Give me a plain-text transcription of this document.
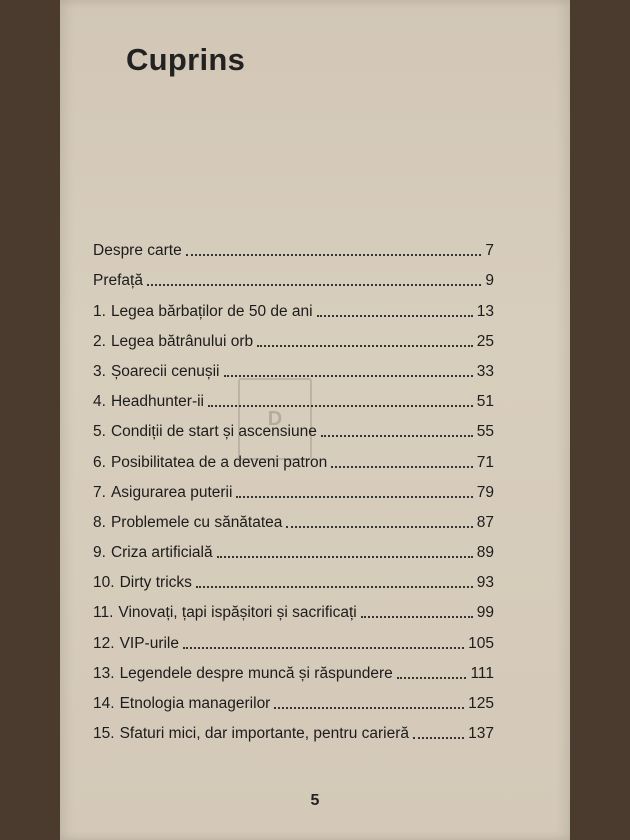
Cuprins
D
Despre carte	7
Prefață	9
1. Legea bărbaților de 50 de ani	13
2. Legea bătrânului orb	25
3. Șoarecii cenușii	33
4. Headhunter-ii	51
5. Condiții de start și ascensiune	55
6. Posibilitatea de a deveni patron	71
7. Asigurarea puterii	79
8. Problemele cu sănătatea	87
9. Criza artificială	89
10. Dirty tricks	93
11. Vinovați, țapi ispășitori și sacrificați	99
12. VIP-urile	105
13. Legendele despre muncă și răspundere	111
14. Etnologia managerilor	125
15. Sfaturi mici, dar importante, pentru carieră	137
5
